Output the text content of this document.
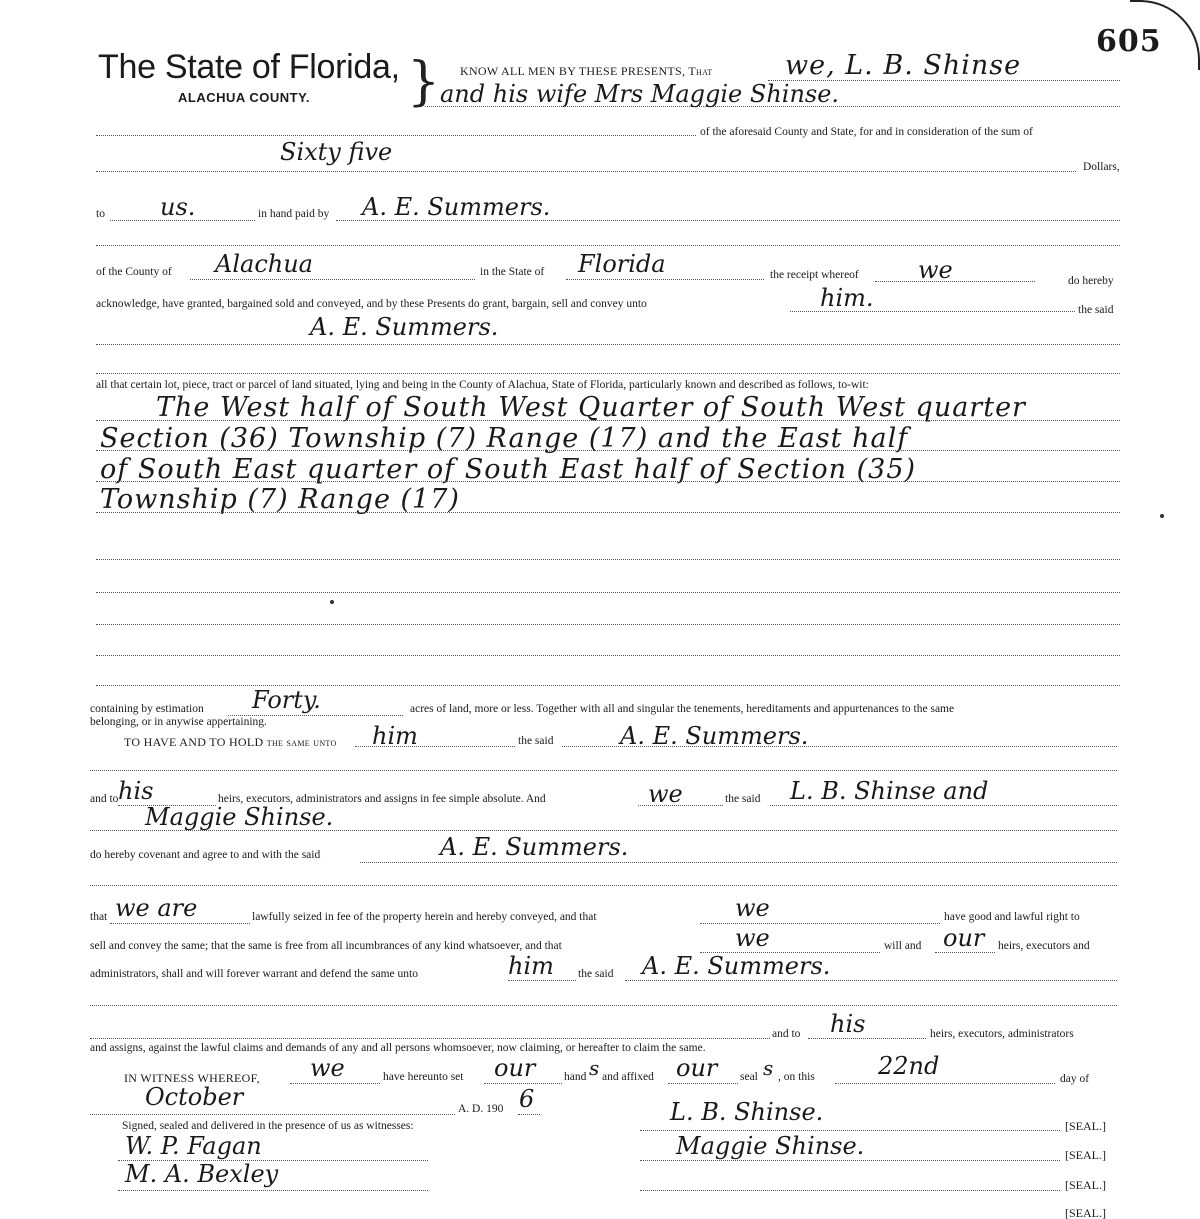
605
The State of Florida,
ALACHUA COUNTY. } KNOW ALL MEN BY THESE PRESENTS, That	we, L. B. Shinse
and his wife Mrs Maggie Shinse.
of the aforesaid County and State, for and in consideration of the sum of
Sixty five
Dollars,
to us.	in hand paid by A. E. Summers.
of the County of Alachua	in the State of Florida	the receipt whereof we	do hereby
acknowledge, have granted, bargained sold and conveyed, and by these Presents do grant, bargain, sell and convey unto	him.	the said
A. E. Summers.
all that certain lot, piece, tract or parcel of land situated, lying and being in the County of Alachua, State of Florida, particularly known and described as follows, to-wit:
The West half of South West Quarter of South West quarter
Section (36) Township (7) Range (17) and the East half
of South East quarter of South East half of Section (35)
Township (7) Range (17)
containing by estimation Forty.	acres of land, more or less. Together with all and singular the tenements, hereditaments and appurtenances to the same
belonging, or in anywise appertaining.
TO HAVE AND TO HOLD the same unto him	the said	A. E. Summers.
and to his	heirs, executors, administrators and assigns in fee simple absolute. And	we	the said L. B. Shinse and
Maggie Shinse.
do hereby covenant and agree to and with the said	A. E. Summers.
that we are	lawfully seized in fee of the property herein and hereby conveyed, and that	we	have good and lawful right to
sell and convey the same; that the same is free from all incumbrances of any kind whatsoever, and that	we	will and our heirs, executors and
administrators, shall and will forever warrant and defend the same unto	him the said A. E. Summers.
and to his	heirs, executors, administrators
and assigns, against the lawful claims and demands of any and all persons whomsoever, now claiming, or hereafter to claim the same.
IN WITNESS WHEREOF, we	have hereunto set our hand s and affixed our seal s , on this	22nd	day of
October	A. D. 190 6
Signed, sealed and delivered in the presence of us as witnesses:	L. B. Shinse.	[SEAL.]
Maggie Shinse.	[SEAL.]
[SEAL.]
[SEAL.]
W. P. Fagan
M. A. Bexley
